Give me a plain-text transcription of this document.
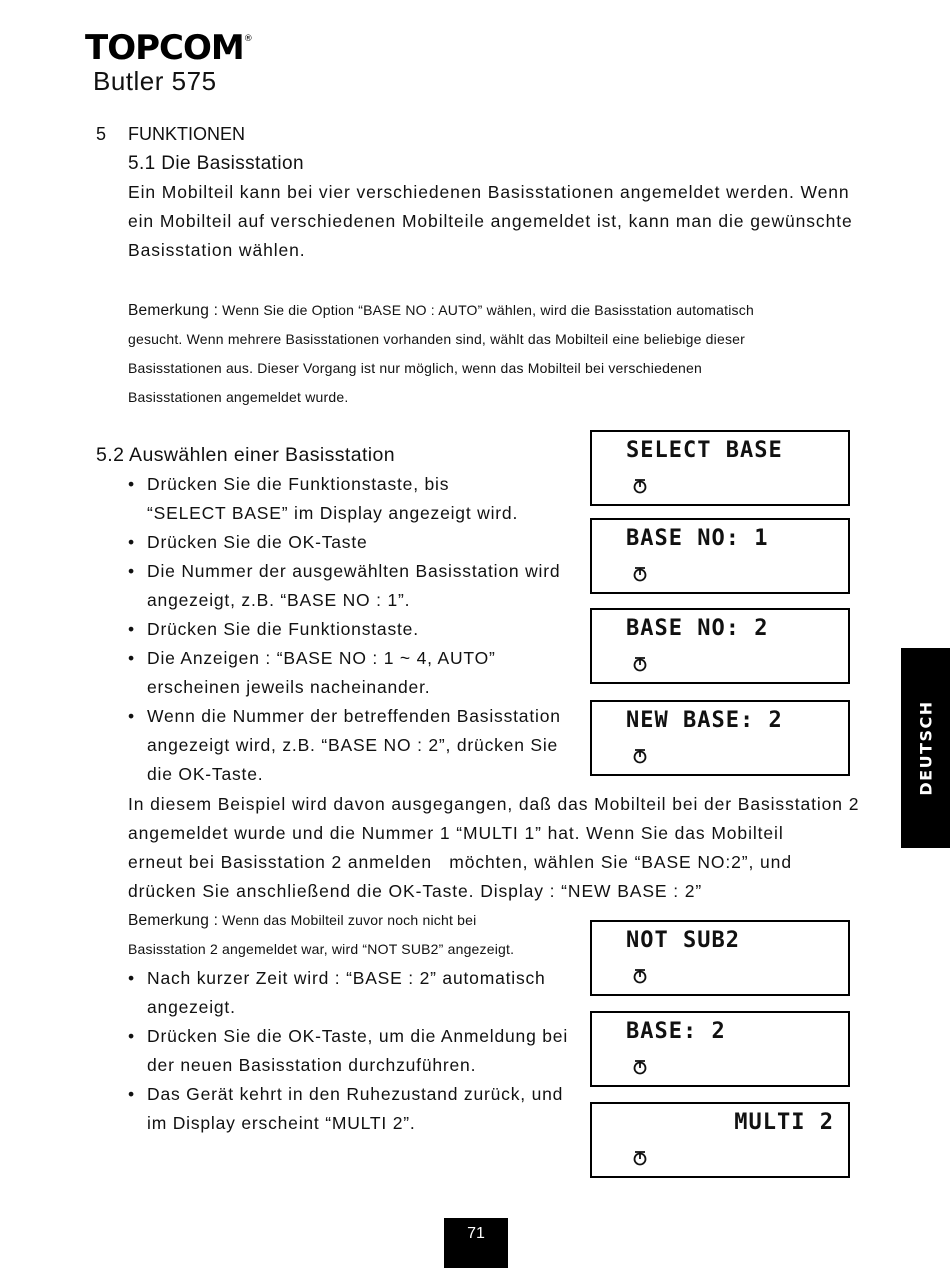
TOPCOM®
Butler 575
5 FUNKTIONEN
5.1 Die Basisstation
Ein Mobilteil kann bei vier verschiedenen Basisstationen angemeldet werden. Wenn
ein Mobilteil auf verschiedenen Mobilteile angemeldet ist, kann man die gewünschte
Basisstation wählen.
Bemerkung : Wenn Sie die Option “BASE NO : AUTO” wählen, wird die Basisstation automatisch
gesucht. Wenn mehrere Basisstationen vorhanden sind, wählt das Mobilteil eine beliebige dieser
Basisstationen aus. Dieser Vorgang ist nur möglich, wenn das Mobilteil bei verschiedenen
Basisstationen angemeldet wurde.
5.2 Auswählen einer Basisstation
• Drücken Sie die Funktionstaste, bis
“SELECT BASE” im Display angezeigt wird.
• Drücken Sie die OK-Taste
• Die Nummer der ausgewählten Basisstation wird
angezeigt, z.B. “BASE NO : 1”.
• Drücken Sie die Funktionstaste.
• Die Anzeigen : “BASE NO : 1 ~ 4, AUTO”
erscheinen jeweils nacheinander.
• Wenn die Nummer der betreffenden Basisstation
angezeigt wird, z.B. “BASE NO : 2”, drücken Sie
die OK-Taste.
In diesem Beispiel wird davon ausgegangen, daß das Mobilteil bei der Basisstation 2
angemeldet wurde und die Nummer 1 “MULTI 1” hat. Wenn Sie das Mobilteil
erneut bei Basisstation 2 anmelden   möchten, wählen Sie “BASE NO:2”, und
drücken Sie anschließend die OK-Taste. Display : “NEW BASE : 2”
Bemerkung : Wenn das Mobilteil zuvor noch nicht bei
Basisstation 2 angemeldet war, wird “NOT SUB2” angezeigt.
• Nach kurzer Zeit wird : “BASE : 2” automatisch
angezeigt.
• Drücken Sie die OK-Taste, um die Anmeldung bei
der neuen Basisstation durchzuführen.
• Das Gerät kehrt in den Ruhezustand zurück, und
im Display erscheint “MULTI 2”.
SELECT BASE
BASE NO: 1
BASE NO: 2
NEW BASE: 2
NOT SUB2
BASE: 2
MULTI 2
DEUTSCH
71
